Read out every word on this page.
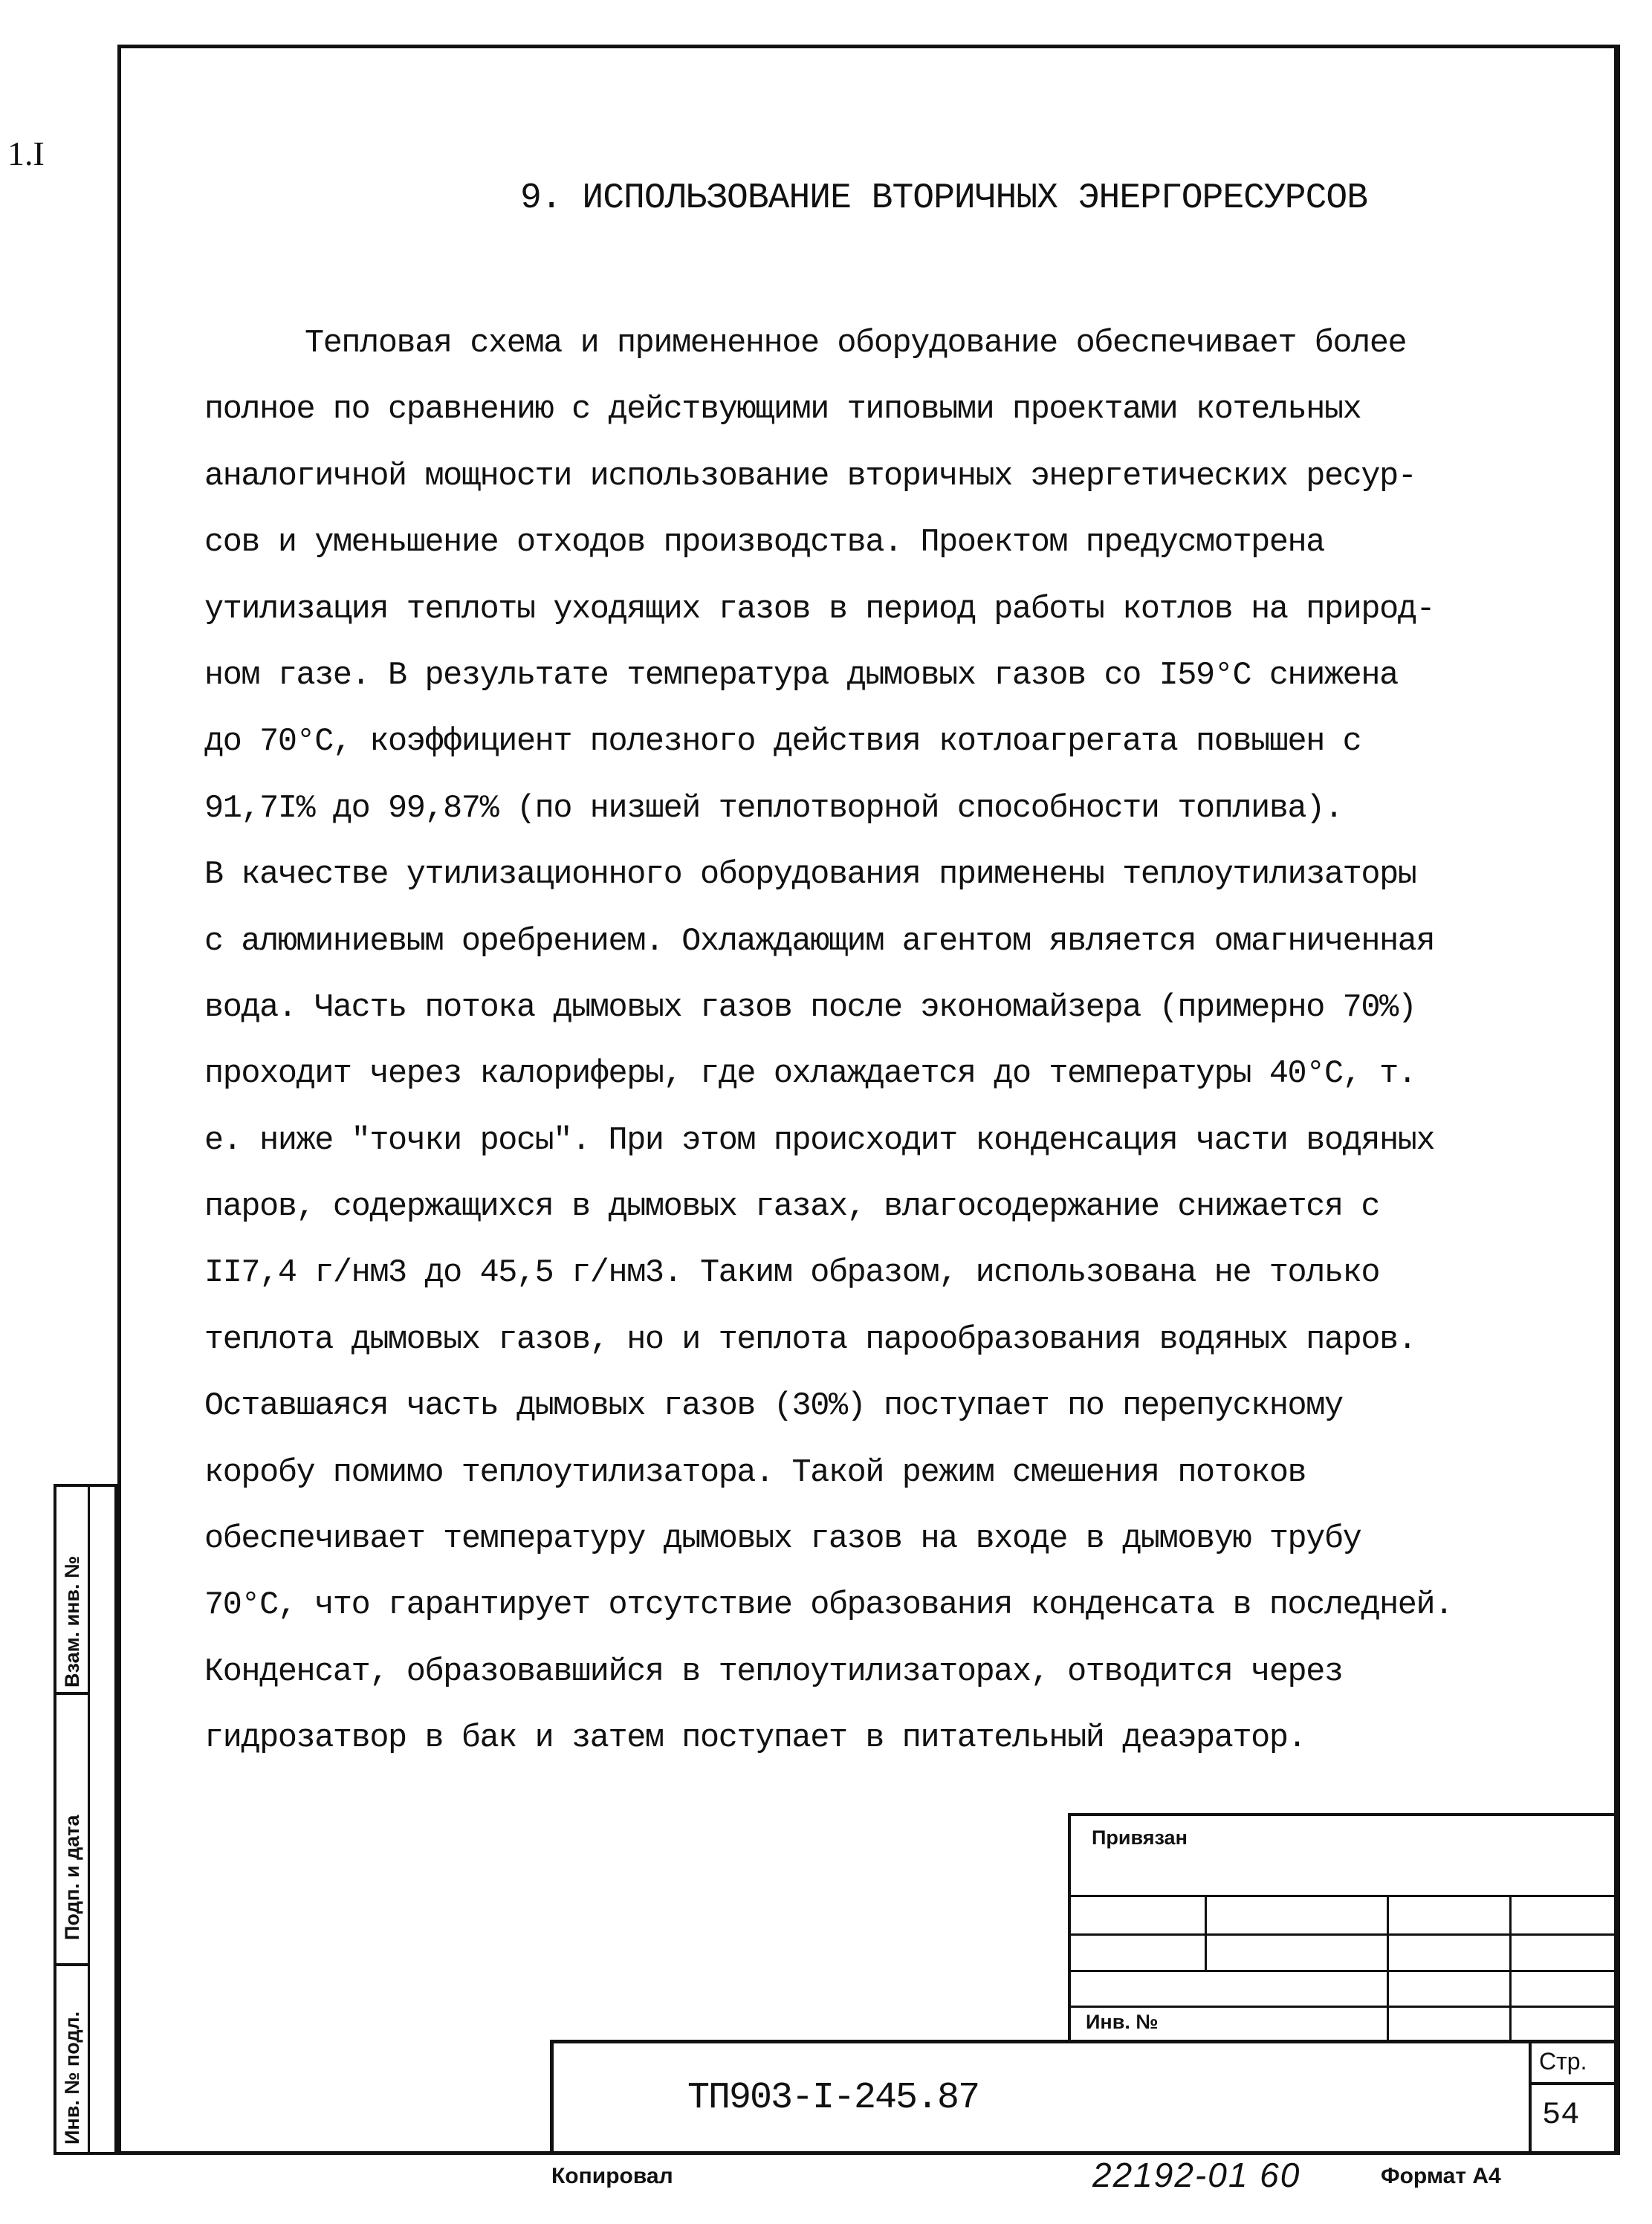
1.I
9. ИСПОЛЬЗОВАНИЕ ВТОРИЧНЫХ ЭНЕРГОРЕСУРСОВ
Тепловая схема и примененное оборудование обеспечивает более
полное по сравнению с действующими типовыми проектами котельных
аналогичной мощности использование вторичных энергетических ресур-
сов и уменьшение отходов производства. Проектом предусмотрена
утилизация теплоты уходящих газов в период работы котлов на природ-
ном газе. В результате температура дымовых газов со I59°С снижена
до 70°С, коэффициент полезного действия котлоагрегата повышен с
91,7I% до 99,87% (по низшей теплотворной способности топлива).
В качестве утилизационного оборудования применены теплоутилизаторы
с алюминиевым оребрением. Охлаждающим агентом является омагниченная
вода. Часть потока дымовых газов после экономайзера (примерно 70%)
проходит через калориферы, где охлаждается до температуры 40°С, т.
е. ниже "точки росы". При этом происходит конденсация части водяных
паров, содержащихся в дымовых газах, влагосодержание снижается с
II7,4 г/нм3 до 45,5 г/нм3. Таким образом, использована не только
теплота дымовых газов, но и теплота парообразования водяных паров.
Оставшаяся часть дымовых газов (30%) поступает по перепускному
коробу помимо теплоутилизатора. Такой режим смешения потоков
обеспечивает температуру дымовых газов на входе в дымовую трубу
70°С, что гарантирует отсутствие образования конденсата в последней.
Конденсат, образовавшийся в теплоутилизаторах, отводится через
гидрозатвор в бак и затем поступает в питательный деаэратор.
Взам. инв. №
Подп. и дата
Инв. № подл.
Привязан
Инв. №
ТП903-I-245.87
Стр.
54
Копировал	22192-01 60	Формат А4
